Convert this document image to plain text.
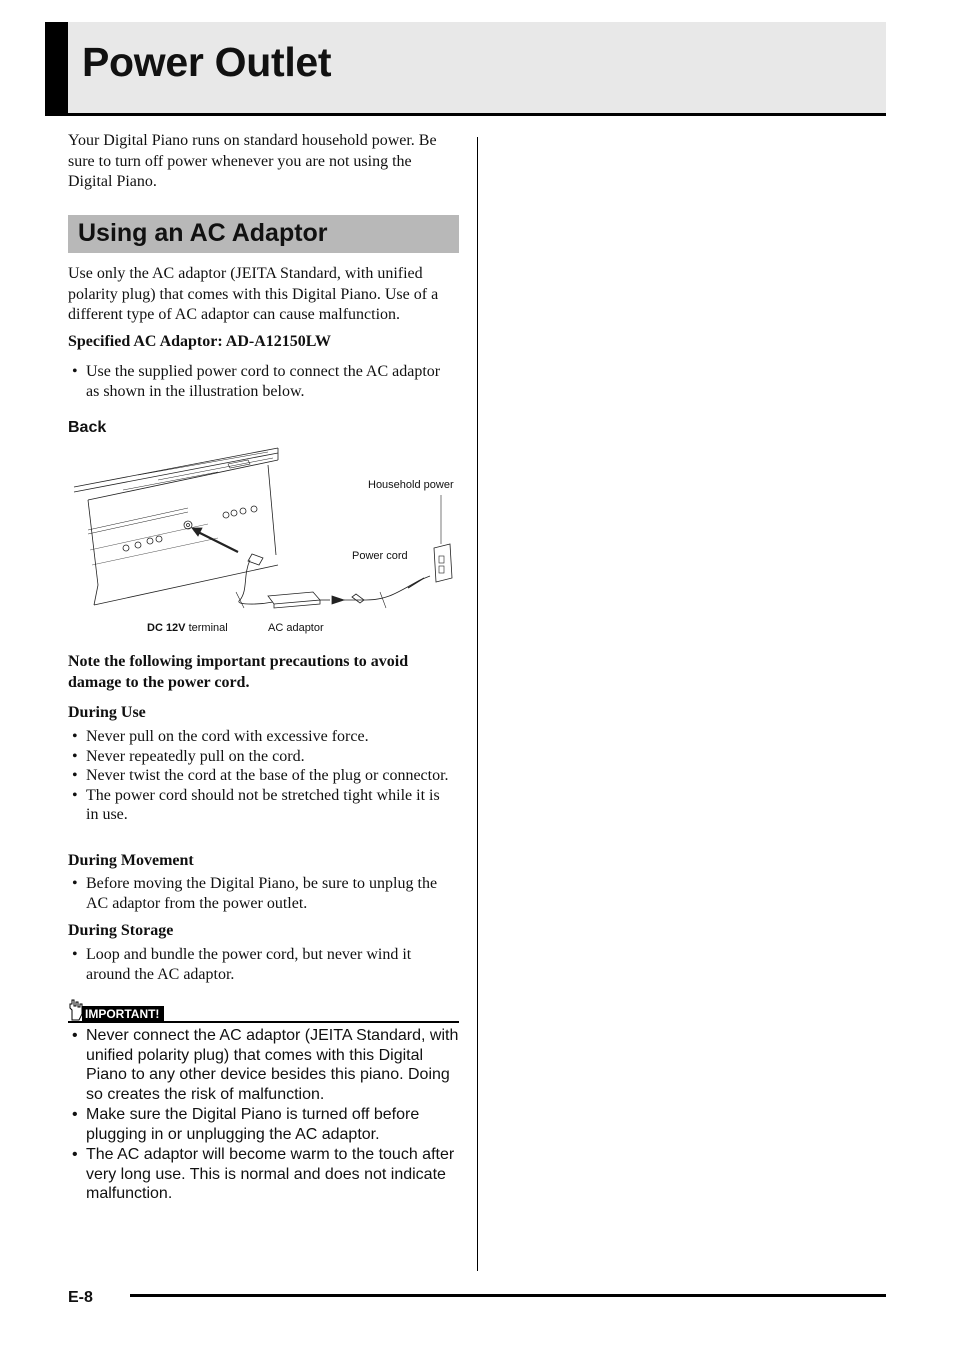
Power Outlet

Your Digital Piano runs on standard household power. Be sure to turn off power whenever you are not using the Digital Piano.

Using an AC Adaptor

Use only the AC adaptor (JEITA Standard, with unified polarity plug) that comes with this Digital Piano. Use of a different type of AC adaptor can cause malfunction.

Specified AC Adaptor: AD-A12150LW

• Use the supplied power cord to connect the AC adaptor as shown in the illustration below.
Back
Household power
Power cord
DC 12V terminal	AC adaptor

Note the following important precautions to avoid damage to the power cord.

During Use

• Never pull on the cord with excessive force.
• Never repeatedly pull on the cord.
• Never twist the cord at the base of the plug or connector.
• The power cord should not be stretched tight while it is in use.

During Movement

• Before moving the Digital Piano, be sure to unplug the AC adaptor from the power outlet.

During Storage

• Loop and bundle the power cord, but never wind it around the AC adaptor.
IMPORTANT!
• Never connect the AC adaptor (JEITA Standard, with unified polarity plug) that comes with this Digital Piano to any other device besides this piano. Doing so creates the risk of malfunction.
• Make sure the Digital Piano is turned off before plugging in or unplugging the AC adaptor.
• The AC adaptor will become warm to the touch after very long use. This is normal and does not indicate malfunction.
E-8
